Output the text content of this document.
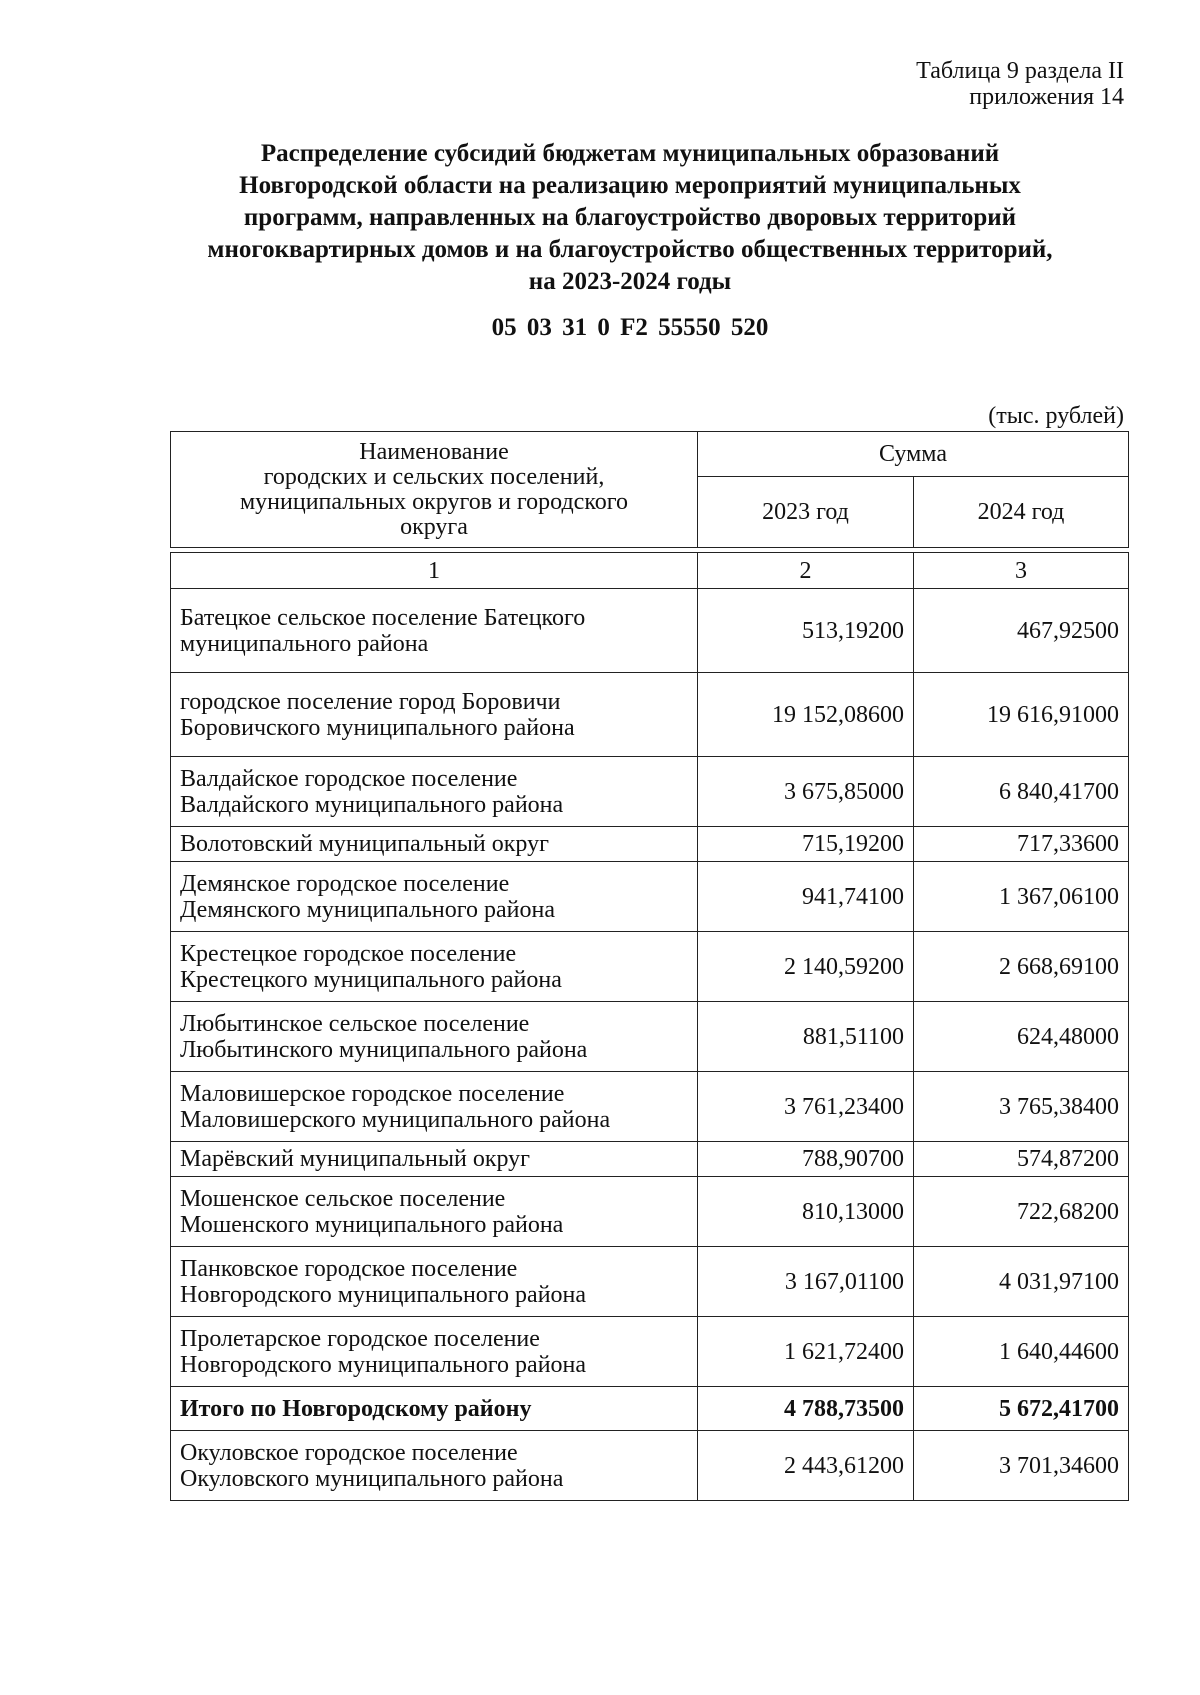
Таблица 9 раздела II
приложения 14
Распределение субсидий бюджетам муниципальных образований
Новгородской области на реализацию мероприятий муниципальных
программ, направленных на благоустройство дворовых территорий
многоквартирных домов и на благоустройство общественных территорий,
на 2023-2024 годы
05 03 31 0 F2 55550 520
(тыс. рублей)
Наименование
городских и сельских поселений,
муниципальных округов и городского
округа	Сумма	
	2023 год	2024 год

1	2	3

Батецкое сельское поселение Батецкого
муниципального района	513,19200	467,92500

городское поселение город Боровичи
Боровичского муниципального района	19 152,08600	19 616,91000

Валдайское городское поселение
Валдайского муниципального района	3 675,85000	6 840,41700

Волотовский муниципальный округ	715,19200	717,33600

Демянское городское поселение
Демянского муниципального района	941,74100	1 367,06100

Крестецкое городское поселение
Крестецкого муниципального района	2 140,59200	2 668,69100

Любытинское сельское поселение
Любытинского муниципального района	881,51100	624,48000

Маловишерское городское поселение
Маловишерского муниципального района	3 761,23400	3 765,38400

Марёвский муниципальный округ	788,90700	574,87200

Мошенское сельское поселение
Мошенского муниципального района	810,13000	722,68200

Панковское городское поселение
Новгородского муниципального района	3 167,01100	4 031,97100

Пролетарское городское поселение
Новгородского муниципального района	1 621,72400	1 640,44600

Итого по Новгородскому району	4 788,73500	5 672,41700

Окуловское городское поселение
Окуловского муниципального района	2 443,61200	3 701,34600
